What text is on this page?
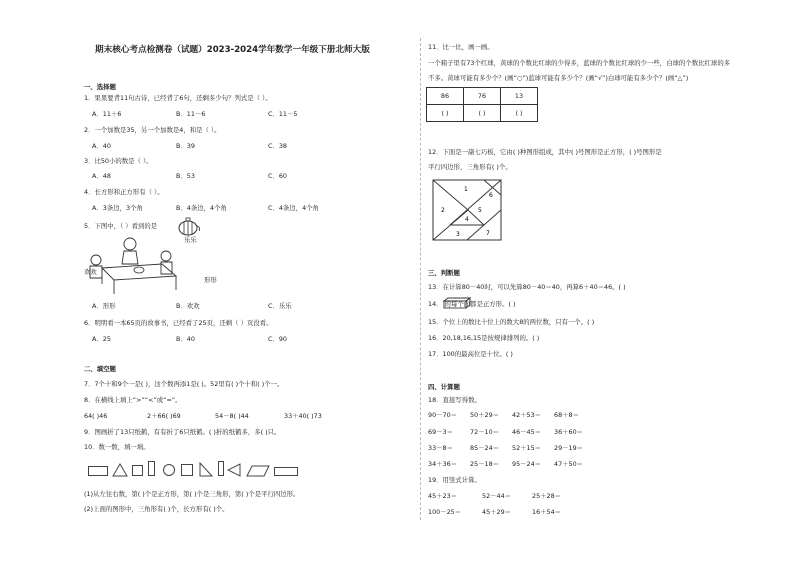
期末核心考点检测卷（试题）2023-2024学年数学一年级下册北师大版
一、选择题
1．果果要背11句古诗，已经背了6句，还剩多少句？列式是（ ）。
A．11＋6	B．11－6	C．11－5
2．一个加数是35，另一个加数是4，和是（ ）。
A．40	B．39	C．38
3．比50小的数是（ ）。
A．48	B．53	C．60
4．长方形和正方形有（ ）。
A．3条边，3个角	B．4条边，4个角	C．4条边，4个角
5．下图中，（ ）看到的是
乐乐
欢欢
形形
A．形形	B．欢欢	C．乐乐
6．明明看一本65页的故事书，已经看了25页，还剩（ ）页没看。
A．25	B．40	C．90
二、填空题
7．7个十和9个一是( )，这个数再添1是( )。52里有( )个十和( )个一。
8．在横线上填上“>”“<”或“=”。
64( )46	2＋66( )69	54－8( )44	33＋40( )73
9．图画折了13只纸鹤，有有折了6只纸鹤。( )折的纸鹤多，多( )只。
10．数一数，填一填。
(1)从左往右数，第( )个是正方形，第( )个是三角形，第( )个是平行四边形。
(2)上面的图形中，三角形有( )个，长方形有( )个。
11．比一比，画一画。
一个箱子里有73个红球，黄球的个数比红球的少得多，蓝球的个数比红球的少一些，白球的个数比红球的多
不多。黄球可能有多少个？(画“○”)蓝球可能有多少个？(画“√”)白球可能有多少个？(画“△”)
86	76	13
( )	( )	( )
12．下面是一副七巧板，它由( )种图形组成，其中( )号图形是正方形，( )号图形是
平行四边形，三角形有( )个。
1
2
3
4
5
6
7
三、判断题
13．在计算80－40时，可以先算80－40＝40，再算6＋40＝46。( )
14． 的每个面都是正方形。( )
15．个位上的数比十位上的数大8的两位数，只有一个。( )
16．20,18,16,15是按规律排列的。( )
17．100的最高位是十位。( )
四、计算题
18．直接写得数。
90－70＝ 50＋29＝ 42＋53＝ 68＋8＝
69－3＝	72－10＝ 46－45＝ 36＋60＝
33－8＝	85－24＝ 52＋15＝ 29－19＝
34＋36＝ 25－18＝ 95－24＝ 47＋50＝
19．用竖式计算。
45＋23＝	52－44＝	25＋28＝
100－25＝	45＋29＝	16＋54＝
